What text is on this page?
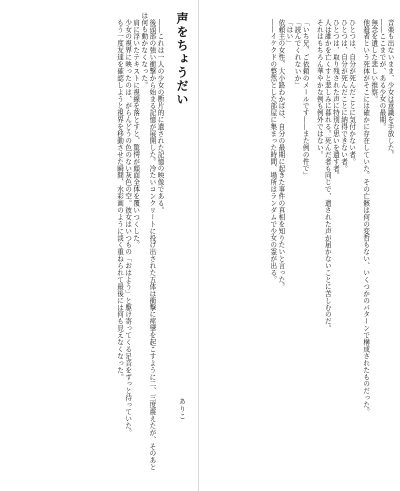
声をちょうだい
ありこ

――これは一人の少女の断片的に遺された記憶の映像である。

後頭部の強い衝撃から始まる記憶が展開した。冷たいコンクリートに投げ出された五体は衝撃に痙攣を起こすように二、三度震えたが、そのあとは何も動かなくなった。

肩に浮いたテキストに視線を落とすと、驚愕が顔面全体を覆いつくした。

少女の視界に映ったのは、がらんどうの色のない灰色の空。彼女はいつもの「おはよう」と駆け寄ってくる足音をずっと待っていた。

もう一度友達を確認しようと視界を移動させた瞬間、水彩画のように淡く重ねられて最後には何も見えなくなった。	音楽も出ないまま、少女は意識を手放した。

――ここまでが、ある少女の最期。

無念を遺した悲しい推察。

他殺者という死体がそこには確かに存在していた。その亡骸は何の変哲もない、いくつかのパターンで構成されたものだった。

ひとつは、自分が死んだことに気付かない者。

ひとつは、自分が死んだことに納得できない者。

ひとつは、取り残された声に特別な思いを遺す者。

人は誰かを亡くすと悲しみに暮れる。死んだ者も同じで、遺された声が届かないことに苦しむのだ。

それはもちろん華やかな例も例外ではない。

「いち兄、ご依頼のメールです――また例の件で」

「読んでくれないか」

「はい」

依頼主の女性、大小路わかばは、自分の最期に起きた事件の真相を知りたいと言った。

――イケクドの整然とした部屋に集まった時間、場所はランダムで少女の霊が出る。
